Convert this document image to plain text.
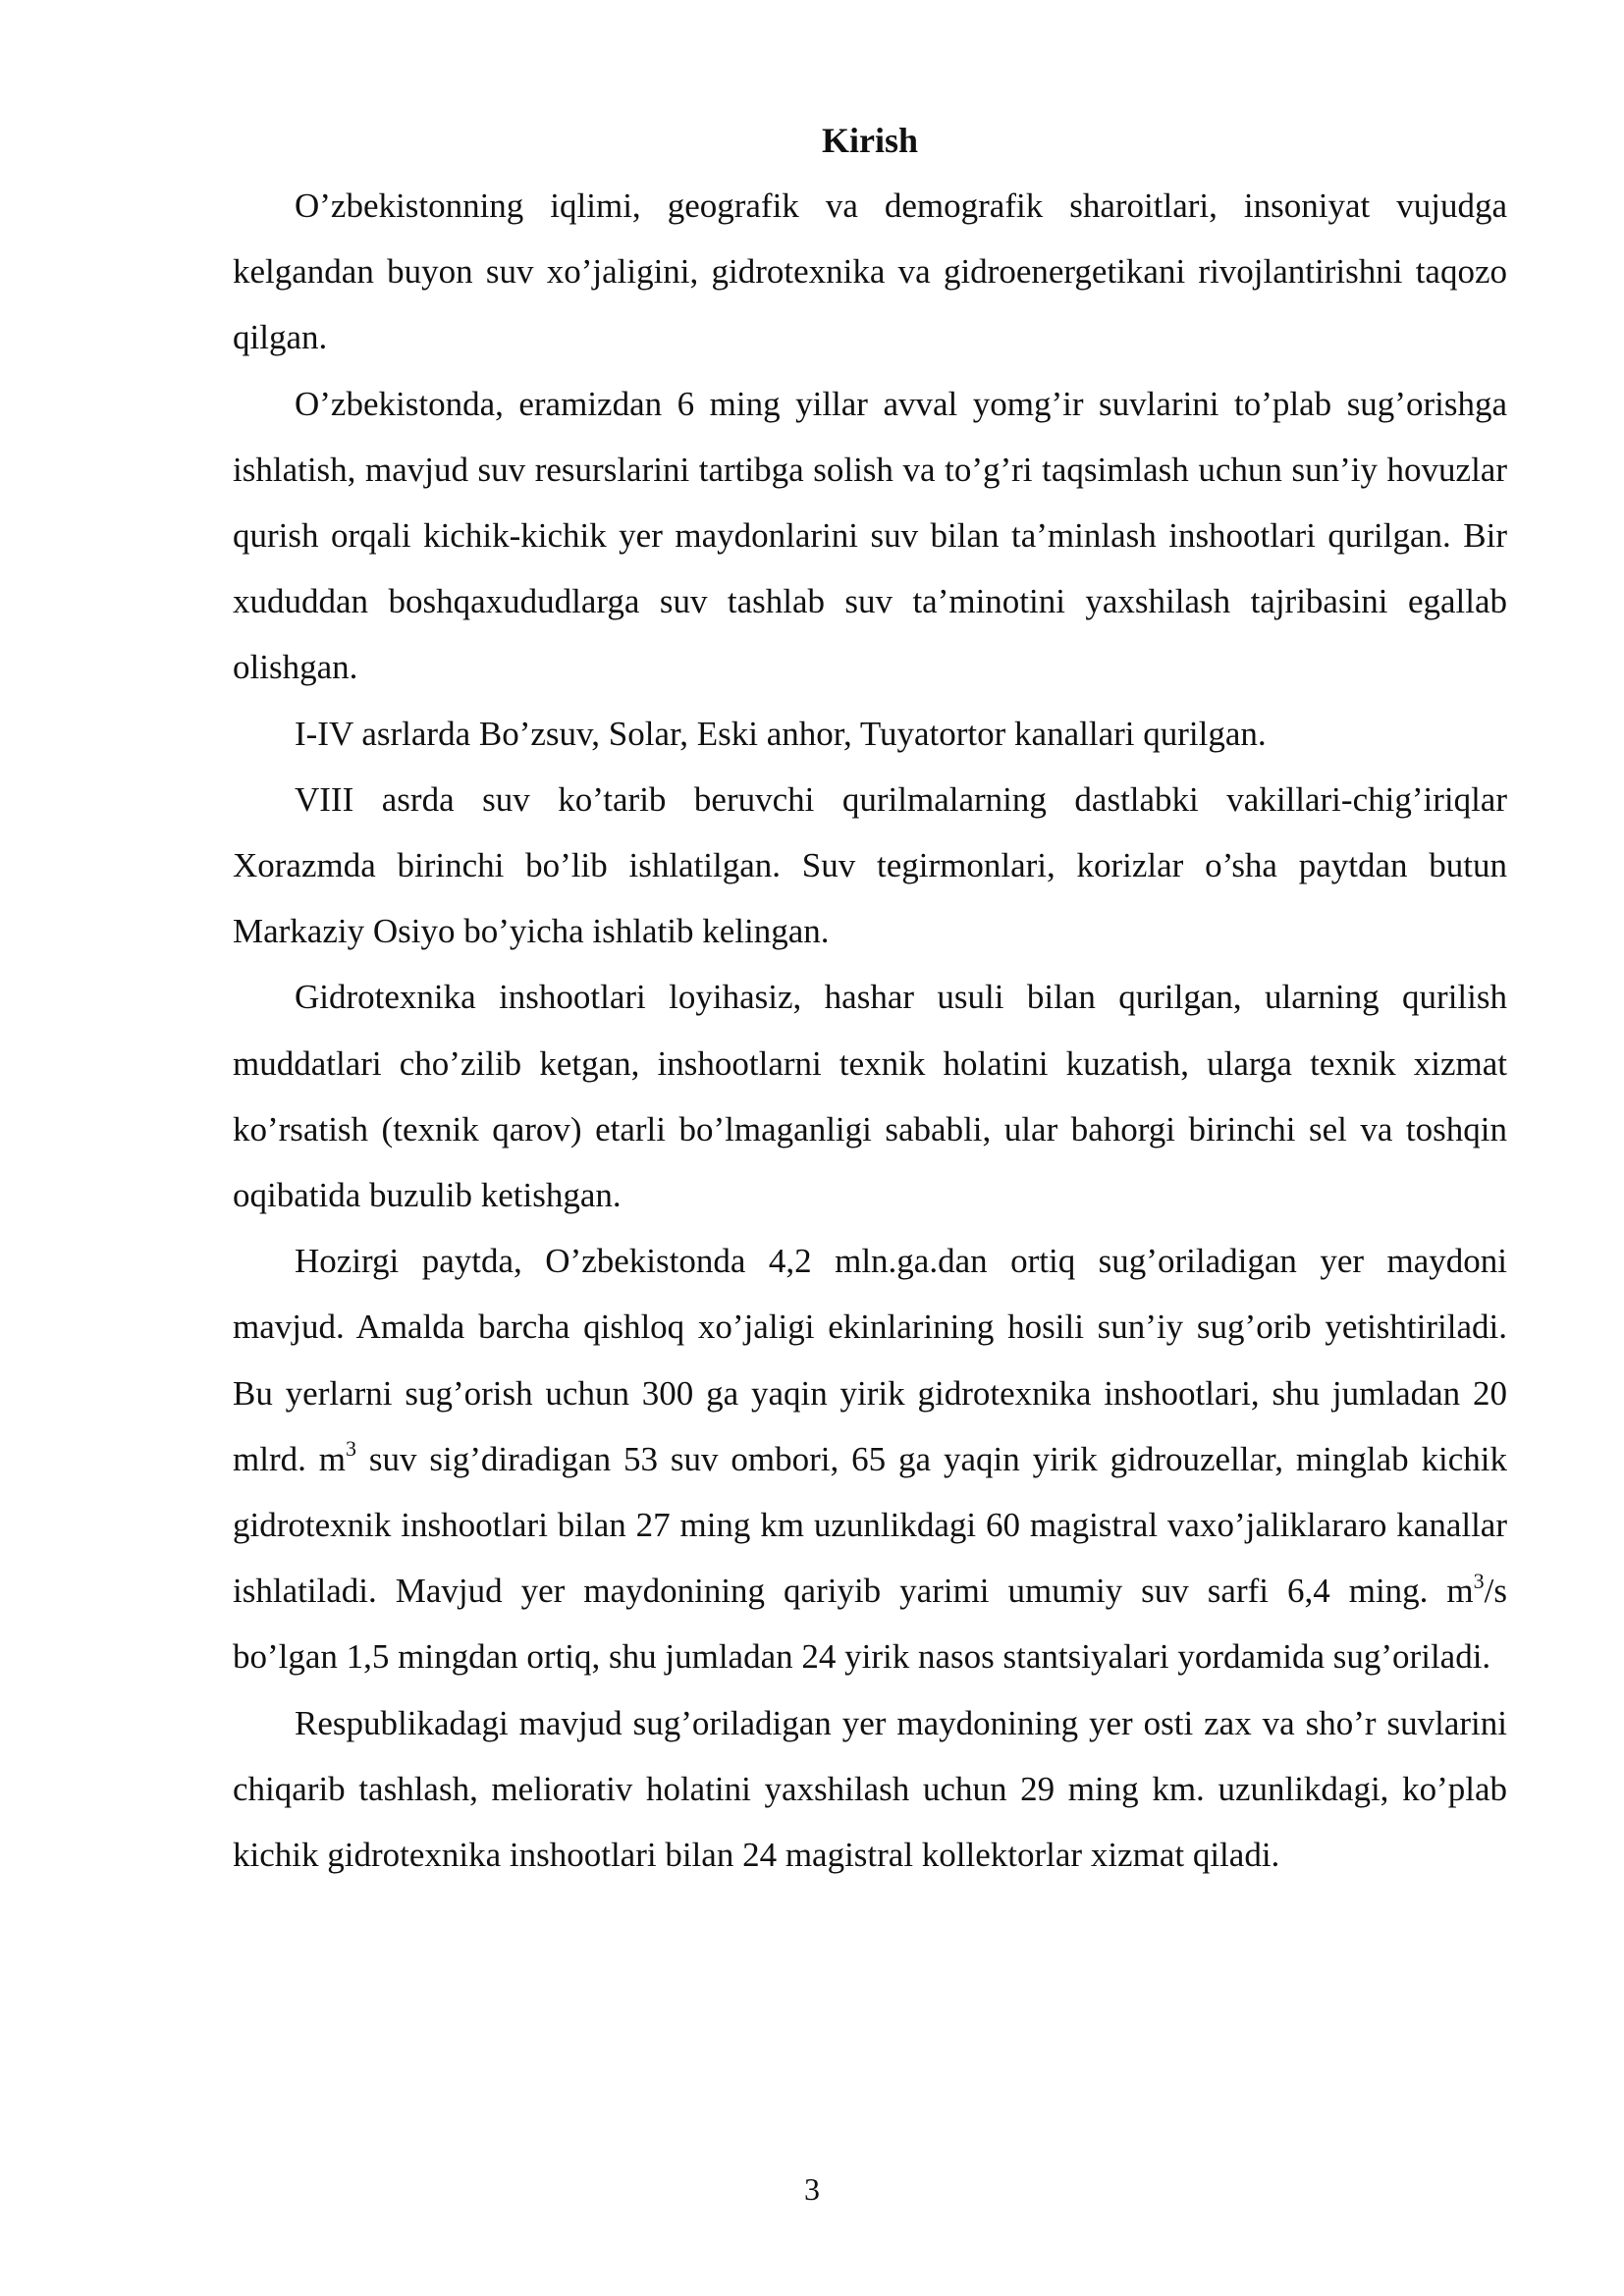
Kirish

O’zbekistonning iqlimi, geografik va demografik sharoitlari, insoniyat vujudga kelgandan buyon suv xo’jaligini, gidrotexnika va gidroenergetikani rivojlantirishni taqozo qilgan.

O’zbekistonda, eramizdan 6 ming yillar avval yomg’ir suvlarini to’plab sug’orishga ishlatish, mavjud suv resurslarini tartibga solish va to’g’ri taqsimlash uchun sun’iy hovuzlar qurish orqali kichik-kichik yer maydonlarini suv bilan ta’minlash inshootlari qurilgan. Bir xududdan boshqaxududlarga suv tashlab suv ta’minotini yaxshilash tajribasini egallab olishgan.

I-IV asrlarda Bo’zsuv, Solar, Eski anhor, Tuyatortor kanallari qurilgan.

VIII asrda suv ko’tarib beruvchi qurilmalarning dastlabki vakillari-chig’iriqlar Xorazmda birinchi bo’lib ishlatilgan. Suv tegirmonlari, korizlar o’sha paytdan butun Markaziy Osiyo bo’yicha ishlatib kelingan.

Gidrotexnika inshootlari loyihasiz, hashar usuli bilan qurilgan, ularning qurilish muddatlari cho’zilib ketgan, inshootlarni texnik holatini kuzatish, ularga texnik xizmat ko’rsatish (texnik qarov) etarli bo’lmaganligi sababli, ular bahorgi birinchi sel va toshqin oqibatida buzulib ketishgan.

Hozirgi paytda, O’zbekistonda 4,2 mln.ga.dan ortiq sug’oriladigan yer maydoni mavjud. Amalda barcha qishloq xo’jaligi ekinlarining hosili sun’iy sug’orib yetishtiriladi. Bu yerlarni sug’orish uchun 300 ga yaqin yirik gidrotexnika inshootlari, shu jumladan 20 mlrd. $m^3$ suv sig’diradigan 53 suv ombori, 65 ga yaqin yirik gidrouzellar, minglab kichik gidrotexnik inshootlari bilan 27 ming km uzunlikdagi 60 magistral vaxo’jaliklararo kanallar ishlatiladi. Mavjud yer maydonining qariyib yarimi umumiy suv sarfi 6,4 ming. $m^3/s$ bo’lgan 1,5 mingdan ortiq, shu jumladan 24 yirik nasos stantsiyalari yordamida sug’oriladi.

Respublikadagi mavjud sug’oriladigan yer maydonining yer osti zax va sho’r suvlarini chiqarib tashlash, meliorativ holatini yaxshilash uchun 29 ming km. uzunlikdagi, ko’plab kichik gidrotexnika inshootlari bilan 24 magistral kollektorlar xizmat qiladi.

3
